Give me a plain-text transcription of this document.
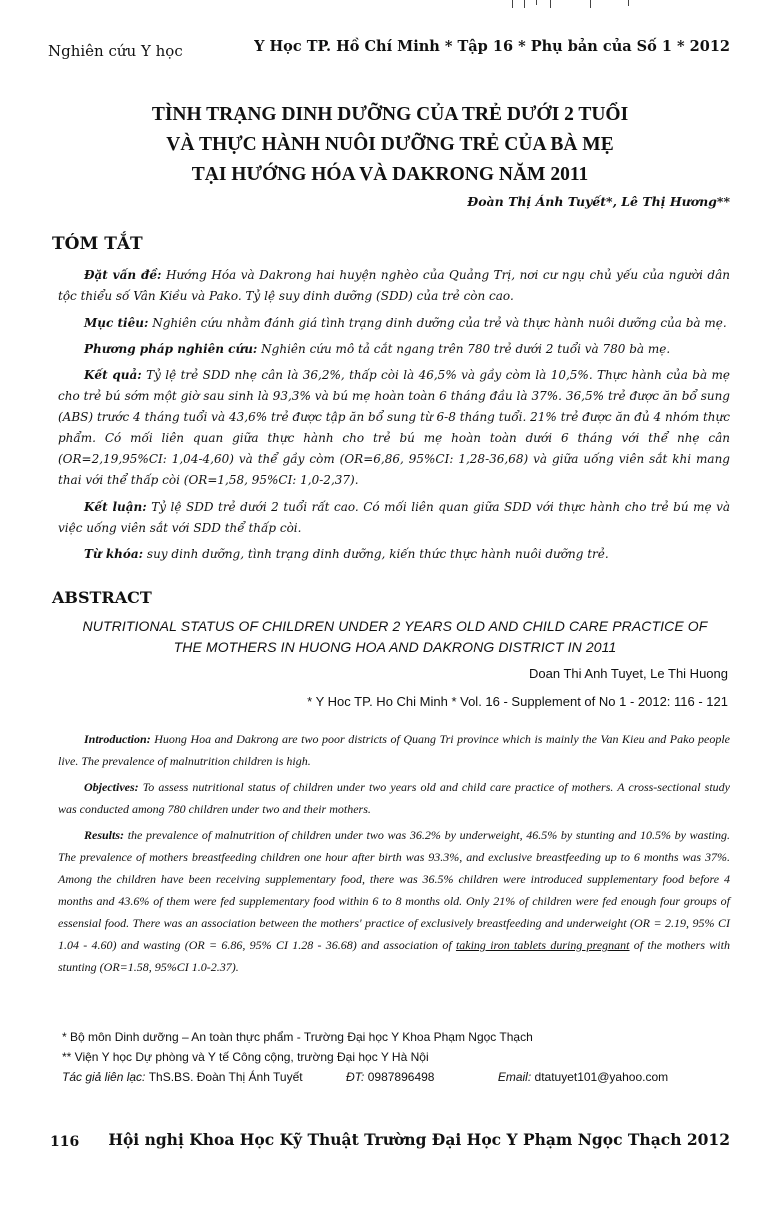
Nghiên cứu Y học	Y Học TP. Hồ Chí Minh * Tập 16 * Phụ bản của Số 1 * 2012
TÌNH TRẠNG DINH DƯỠNG CỦA TRẺ DƯỚI 2 TUỔI
VÀ THỰC HÀNH NUÔI DƯỠNG TRẺ CỦA BÀ MẸ
TẠI HƯỚNG HÓA VÀ DAKRONG NĂM 2011
Đoàn Thị Ánh Tuyết*, Lê Thị Hương**
TÓM TẮT

Đặt vấn đề: Hướng Hóa và Dakrong hai huyện nghèo của Quảng Trị, nơi cư ngụ chủ yếu của người dân tộc thiểu số Vân Kiều và Pako. Tỷ lệ suy dinh dưỡng (SDD) của trẻ còn cao.

Mục tiêu: Nghiên cứu nhằm đánh giá tình trạng dinh dưỡng của trẻ và thực hành nuôi dưỡng của bà mẹ.

Phương pháp nghiên cứu: Nghiên cứu mô tả cắt ngang trên 780 trẻ dưới 2 tuổi và 780 bà mẹ.

Kết quả: Tỷ lệ trẻ SDD nhẹ cân là 36,2%, thấp còi là 46,5% và gầy còm là 10,5%. Thực hành của bà mẹ cho trẻ bú sớm một giờ sau sinh là 93,3% và bú mẹ hoàn toàn 6 tháng đầu là 37%. 36,5% trẻ được ăn bổ sung (ABS) trước 4 tháng tuổi và 43,6% trẻ được tập ăn bổ sung từ 6-8 tháng tuổi. 21% trẻ được ăn đủ 4 nhóm thực phẩm. Có mối liên quan giữa thực hành cho trẻ bú mẹ hoàn toàn dưới 6 tháng với thể nhẹ cân (OR=2,19,95%CI: 1,04-4,60) và thể gầy còm (OR=6,86, 95%CI: 1,28-36,68) và giữa uống viên sắt khi mang thai với thể thấp còi (OR=1,58, 95%CI: 1,0-2,37).

Kết luận: Tỷ lệ SDD trẻ dưới 2 tuổi rất cao. Có mối liên quan giữa SDD với thực hành cho trẻ bú mẹ và việc uống viên sắt với SDD thể thấp còi.

Từ khóa: suy dinh dưỡng, tình trạng dinh dưỡng, kiến thức thực hành nuôi dưỡng trẻ.

ABSTRACT
NUTRITIONAL STATUS OF CHILDREN UNDER 2 YEARS OLD AND CHILD CARE PRACTICE OF
THE MOTHERS IN HUONG HOA AND DAKRONG DISTRICT IN 2011
Doan Thi Anh Tuyet, Le Thi Huong
* Y Hoc TP. Ho Chi Minh * Vol. 16 - Supplement of No 1 - 2012: 116 - 121

Introduction: Huong Hoa and Dakrong are two poor districts of Quang Tri province which is mainly the Van Kieu and Pako people live. The prevalence of malnutrition children is high.

Objectives: To assess nutritional status of children under two years old and child care practice of mothers. A cross-sectional study was conducted among 780 children under two and their mothers.

Results: the prevalence of malnutrition of children under two was 36.2% by underweight, 46.5% by stunting and 10.5% by wasting. The prevalence of mothers breastfeeding children one hour after birth was 93.3%, and exclusive breastfeeding up to 6 months was 37%. Among the children have been receiving supplementary food, there was 36.5% children were introduced supplementary food before 4 months and 43.6% of them were fed supplementary food within 6 to 8 months old. Only 21% of children were fed enough four groups of essensial food. There was an association between the mothers' practice of exclusively breastfeeding and underweight (OR = 2.19, 95% CI 1.04 - 4.60) and wasting (OR = 6.86, 95% CI 1.28 - 36.68) and association of taking iron tablets during pregnant of the mothers with stunting (OR=1.58, 95%CI 1.0-2.37).

* Bộ môn Dinh dưỡng – An toàn thực phẩm - Trường Đại học Y Khoa Phạm Ngọc Thạch
** Viện Y học Dự phòng và Y tế Công cộng, trường Đại học Y Hà Nội
Tác giả liên lạc: ThS.BS. Đoàn Thị Ánh Tuyết	ĐT: 0987896498	Email: dtatuyet101@yahoo.com
116 Hội nghị Khoa Học Kỹ Thuật Trường Đại Học Y Phạm Ngọc Thạch 2012
